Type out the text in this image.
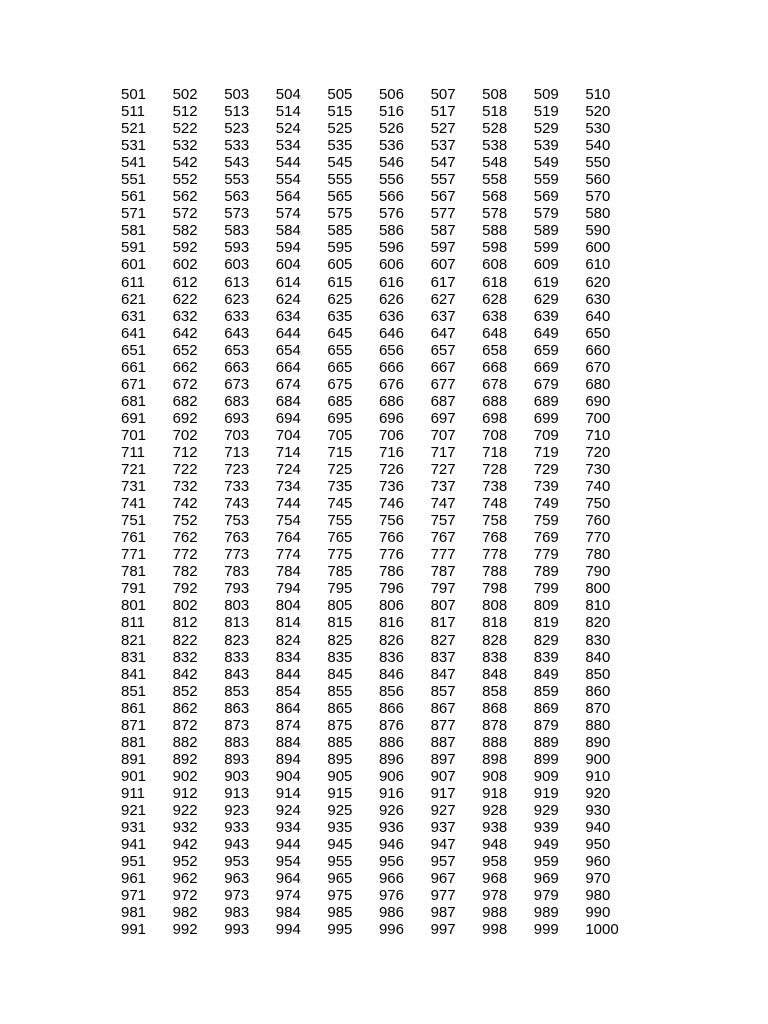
501	502	503	504	505	506	507	508	509	510
511	512	513	514	515	516	517	518	519	520
521	522	523	524	525	526	527	528	529	530
531	532	533	534	535	536	537	538	539	540
541	542	543	544	545	546	547	548	549	550
551	552	553	554	555	556	557	558	559	560
561	562	563	564	565	566	567	568	569	570
571	572	573	574	575	576	577	578	579	580
581	582	583	584	585	586	587	588	589	590
591	592	593	594	595	596	597	598	599	600
601	602	603	604	605	606	607	608	609	610
611	612	613	614	615	616	617	618	619	620
621	622	623	624	625	626	627	628	629	630
631	632	633	634	635	636	637	638	639	640
641	642	643	644	645	646	647	648	649	650
651	652	653	654	655	656	657	658	659	660
661	662	663	664	665	666	667	668	669	670
671	672	673	674	675	676	677	678	679	680
681	682	683	684	685	686	687	688	689	690
691	692	693	694	695	696	697	698	699	700
701	702	703	704	705	706	707	708	709	710
711	712	713	714	715	716	717	718	719	720
721	722	723	724	725	726	727	728	729	730
731	732	733	734	735	736	737	738	739	740
741	742	743	744	745	746	747	748	749	750
751	752	753	754	755	756	757	758	759	760
761	762	763	764	765	766	767	768	769	770
771	772	773	774	775	776	777	778	779	780
781	782	783	784	785	786	787	788	789	790
791	792	793	794	795	796	797	798	799	800
801	802	803	804	805	806	807	808	809	810
811	812	813	814	815	816	817	818	819	820
821	822	823	824	825	826	827	828	829	830
831	832	833	834	835	836	837	838	839	840
841	842	843	844	845	846	847	848	849	850
851	852	853	854	855	856	857	858	859	860
861	862	863	864	865	866	867	868	869	870
871	872	873	874	875	876	877	878	879	880
881	882	883	884	885	886	887	888	889	890
891	892	893	894	895	896	897	898	899	900
901	902	903	904	905	906	907	908	909	910
911	912	913	914	915	916	917	918	919	920
921	922	923	924	925	926	927	928	929	930
931	932	933	934	935	936	937	938	939	940
941	942	943	944	945	946	947	948	949	950
951	952	953	954	955	956	957	958	959	960
961	962	963	964	965	966	967	968	969	970
971	972	973	974	975	976	977	978	979	980
981	982	983	984	985	986	987	988	989	990
991	992	993	994	995	996	997	998	999	1000
